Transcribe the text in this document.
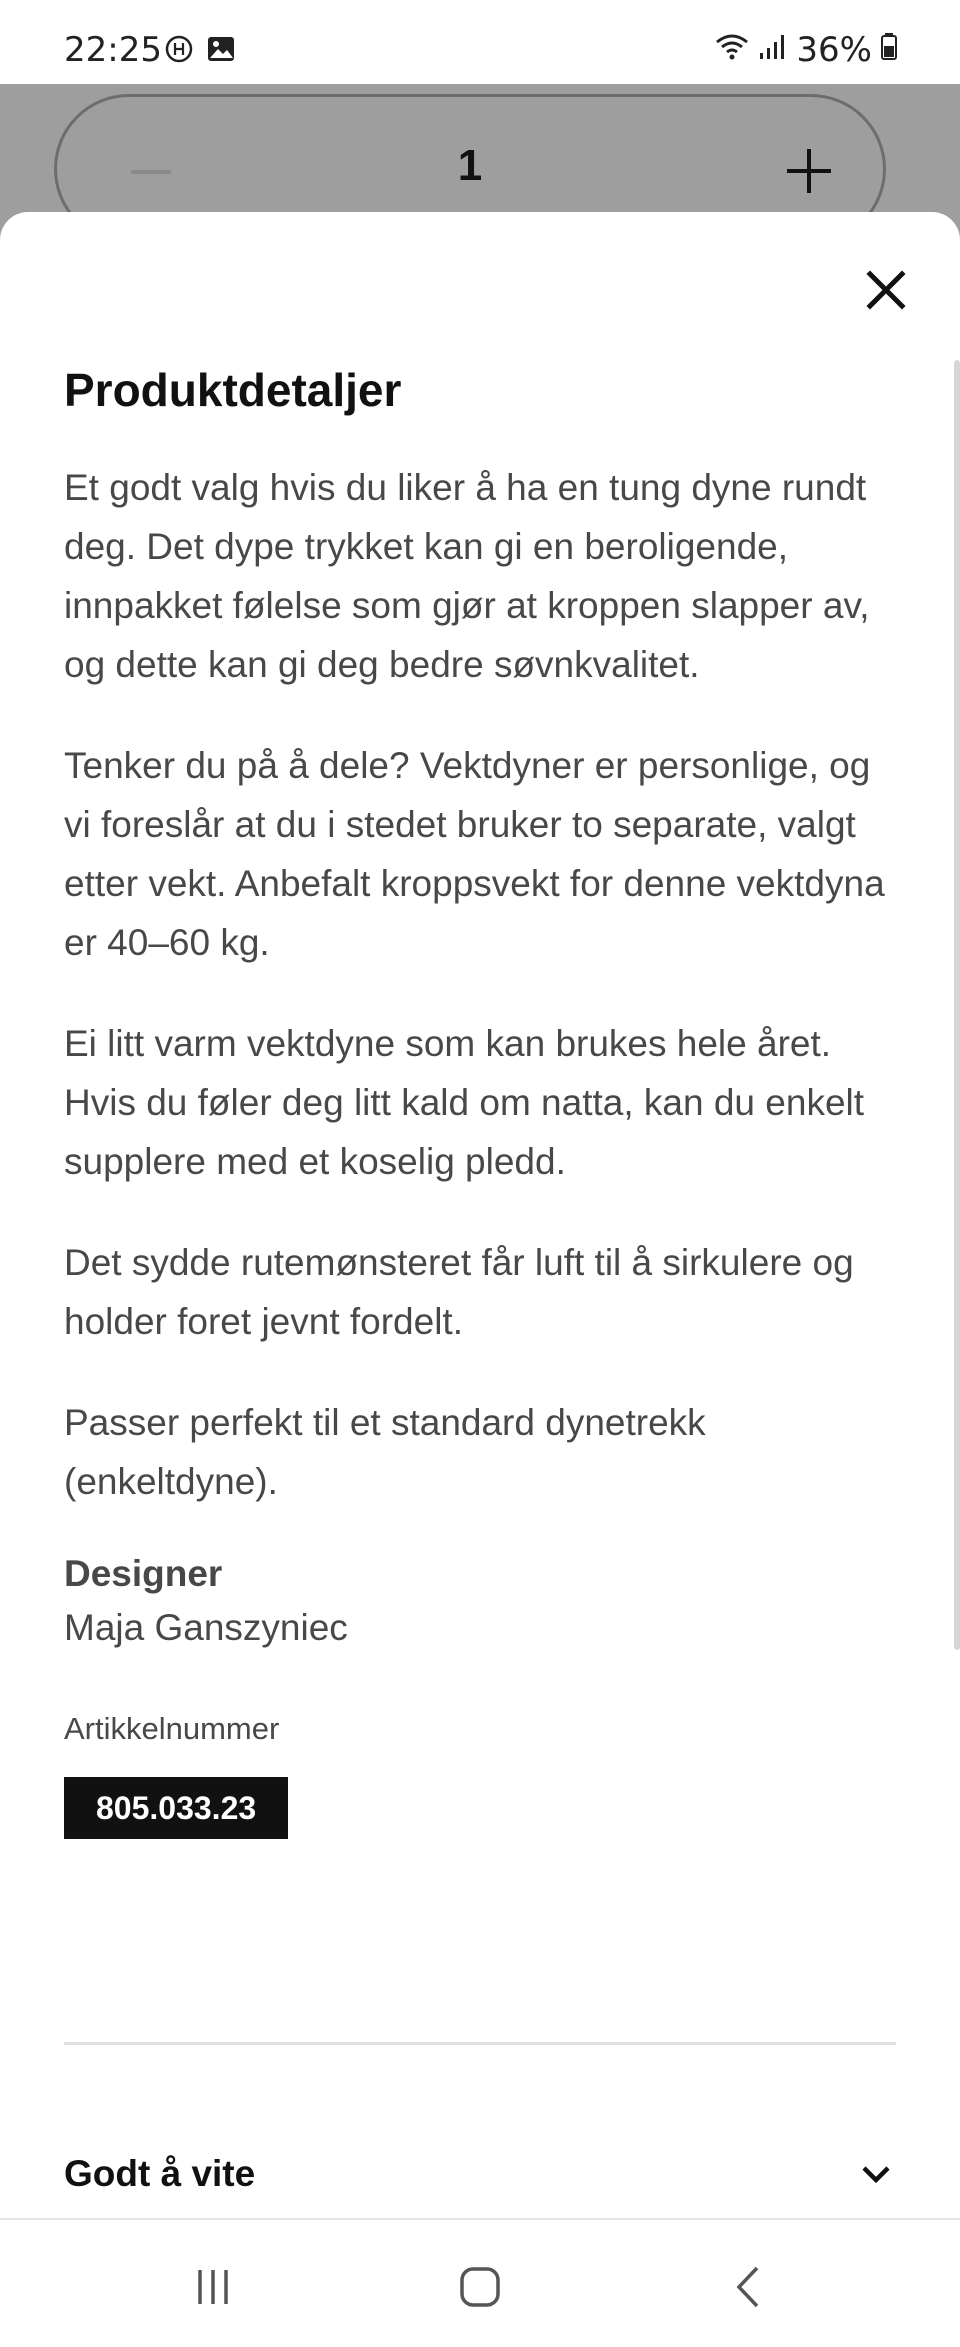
22:25	36%
1
Produktdetaljer

Et godt valg hvis du liker å ha en tung dyne rundt deg. Det dype trykket kan gi en beroligende, innpakket følelse som gjør at kroppen slapper av, og dette kan gi deg bedre søvnkvalitet.

Tenker du på å dele? Vektdyner er personlige, og vi foreslår at du i stedet bruker to separate, valgt etter vekt. Anbefalt kroppsvekt for denne vektdyna er 40–60 kg.

Ei litt varm vektdyne som kan brukes hele året. Hvis du føler deg litt kald om natta, kan du enkelt supplere med et koselig pledd.

Det sydde rutemønsteret får luft til å sirkulere og holder foret jevnt fordelt.

Passer perfekt til et standard dynetrekk (enkeltdyne).

Designer
Maja Ganszyniec
Artikkelnummer
805.033.23
Godt å vite
